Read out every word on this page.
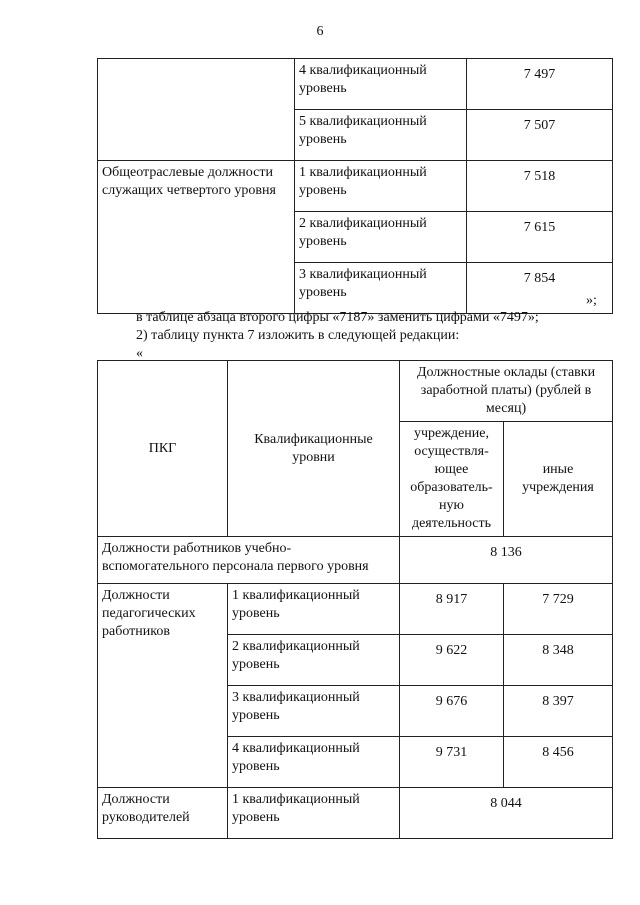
6
	4 квалификационный уровень	7 497
	5 квалификационный уровень	7 507
Общеотраслевые должности служащих четвертого уровня	1 квалификационный уровень	7 518
	2 квалификационный уровень	7 615
	3 квалификационный уровень	7 854
»;
в таблице абзаца второго цифры «7187» заменить цифрами «7497»;
2) таблицу пункта 7 изложить в следующей редакции:
«
ПКГ	Квалификационные уровни	Должностные оклады (ставки заработной платы) (рублей в месяц)	
		учреждение, осуществля-ющее образователь-ную деятельность	иные учреждения
Должности работников учебно-вспомогательного персонала первого уровня		8 136	
Должности педагогических работников	1 квалификационный уровень	8 917	7 729
	2 квалификационный уровень	9 622	8 348
	3 квалификационный уровень	9 676	8 397
	4 квалификационный уровень	9 731	8 456
Должности руководителей	1 квалификационный уровень	8 044	
